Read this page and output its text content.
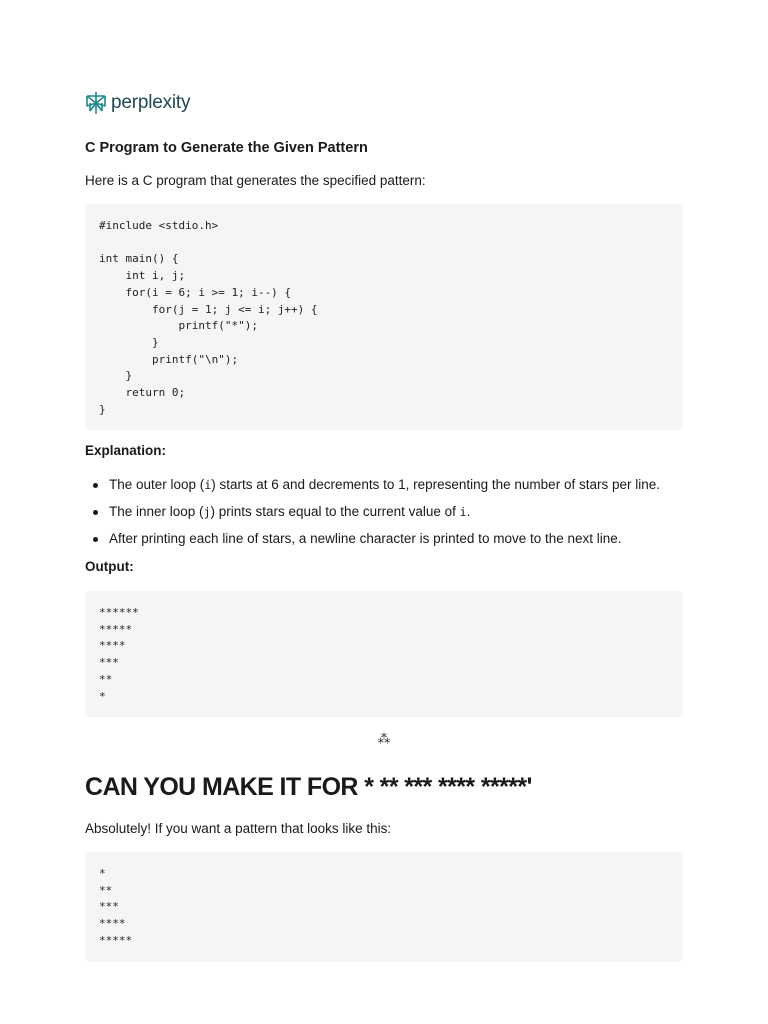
perplexity
C Program to Generate the Given Pattern

Here is a C program that generates the specified pattern:

#include <stdio.h>

int main() {
int i, j;
for(i = 6; i >= 1; i--) {
for(j = 1; j <= i; j++) {
printf("*");
}
printf("\n");
}
return 0;
}

Explanation:

The outer loop (i) starts at 6 and decrements to 1, representing the number of stars per line.
The inner loop (j) prints stars equal to the current value of i.
After printing each line of stars, a newline character is printed to move to the next line.

Output:

******
*****
****
***
**
*
⁂
CAN YOU MAKE IT FOR * ** *** **** *****'

Absolutely! If you want a pattern that looks like this:

*
**
***
****
*****
